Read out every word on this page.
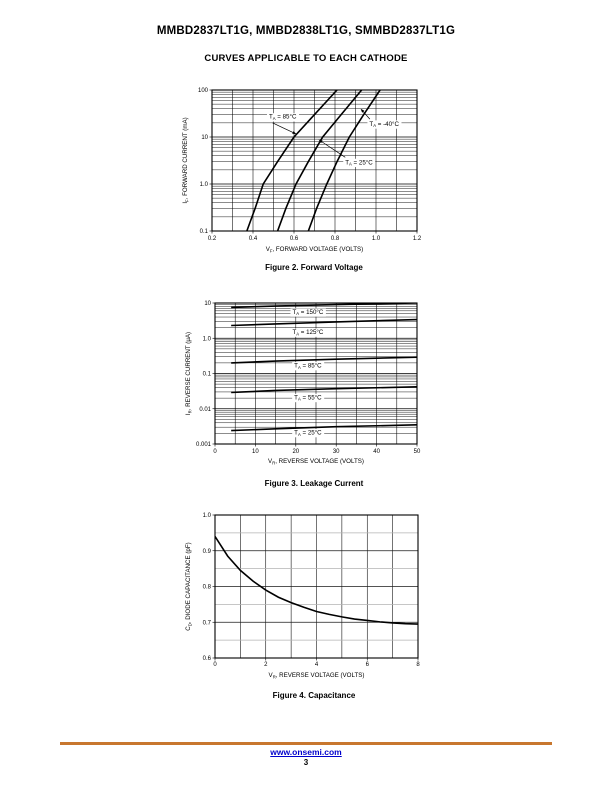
MMBD2837LT1G, MMBD2838LT1G, SMMBD2837LT1G
CURVES APPLICABLE TO EACH CATHODE
$T_A = 85^\circ C$
$T_A = -40^\circ C$
$T_A = 25^\circ C$
0.2	0.4	0.6	0.8	1.0	1.2
0.1
1.0
10
100
$V_F$, FORWARD VOLTAGE (VOLTS)
$I_F$, FORWARD CURRENT (mA)
Figure 2. Forward Voltage
$T_A = 150^\circ C$
$T_A = 125^\circ C$
$T_A = 85^\circ C$
$T_A = 55^\circ C$
$T_A = 25^\circ C$
0	10	20	30	40	50
10
1.0
0.1
0.01
0.001
$V_R$, REVERSE VOLTAGE (VOLTS)
$I_R$, REVERSE CURRENT (µA)
Figure 3. Leakage Current
0	2	4	6	8
0.6
0.7
0.8
0.9
1.0
$V_R$, REVERSE VOLTAGE (VOLTS)
$C_D$, DIODE CAPACITANCE (pF)
Figure 4. Capacitance
www.onsemi.com
3
